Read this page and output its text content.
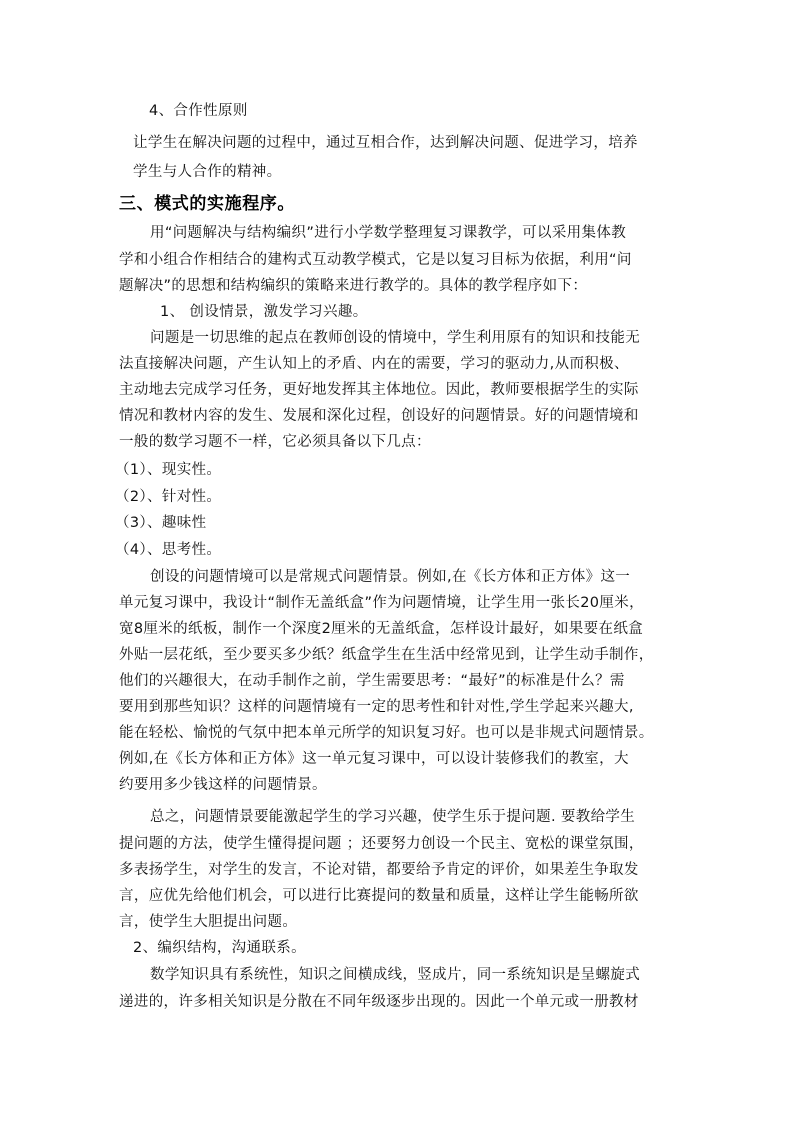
4、合作性原则
让学生在解决问题的过程中，通过互相合作，达到解决问题、促进学习，培养
学生与人合作的精神。
三、模式的实施程序。
用“问题解决与结构编织”进行小学数学整理复习课教学，可以采用集体教
学和小组合作相结合的建构式互动教学模式，它是以复习目标为依据，利用“问
题解决”的思想和结构编织的策略来进行教学的。具体的教学程序如下：
1、 创设情景，激发学习兴趣。
问题是一切思维的起点在教师创设的情境中，学生利用原有的知识和技能无
法直接解决问题，产生认知上的矛盾、内在的需要，学习的驱动力,从而积极、
主动地去完成学习任务，更好地发挥其主体地位。因此，教师要根据学生的实际
情况和教材内容的发生、发展和深化过程，创设好的问题情景。好的问题情境和
一般的数学习题不一样，它必须具备以下几点：
（1）、现实性。
（2）、针对性。
（3）、趣味性
（4）、思考性。
创设的问题情境可以是常规式问题情景。例如,在《长方体和正方体》这一
单元复习课中，我设计“制作无盖纸盒”作为问题情境，让学生用一张长20厘米，
宽8厘米的纸板，制作一个深度2厘米的无盖纸盒，怎样设计最好，如果要在纸盒
外贴一层花纸，至少要买多少纸？纸盒学生在生活中经常见到，让学生动手制作，
他们的兴趣很大，在动手制作之前，学生需要思考：“最好”的标准是什么？需
要用到那些知识？这样的问题情境有一定的思考性和针对性,学生学起来兴趣大,
能在轻松、愉悦的气氛中把本单元所学的知识复习好。也可以是非规式问题情景。
例如,在《长方体和正方体》这一单元复习课中，可以设计装修我们的教室，大
约要用多少钱这样的问题情景。
总之，问题情景要能激起学生的学习兴趣，使学生乐于提问题. 要教给学生
提问题的方法，使学生懂得提问题 ；还要努力创设一个民主、宽松的课堂氛围，
多表扬学生，对学生的发言，不论对错，都要给予肯定的评价，如果差生争取发
言，应优先给他们机会，可以进行比赛提问的数量和质量，这样让学生能畅所欲
言，使学生大胆提出问题。
2、编织结构，沟通联系。
数学知识具有系统性，知识之间横成线，竖成片，同一系统知识是呈螺旋式
递进的，许多相关知识是分散在不同年级逐步出现的。因此一个单元或一册教材
